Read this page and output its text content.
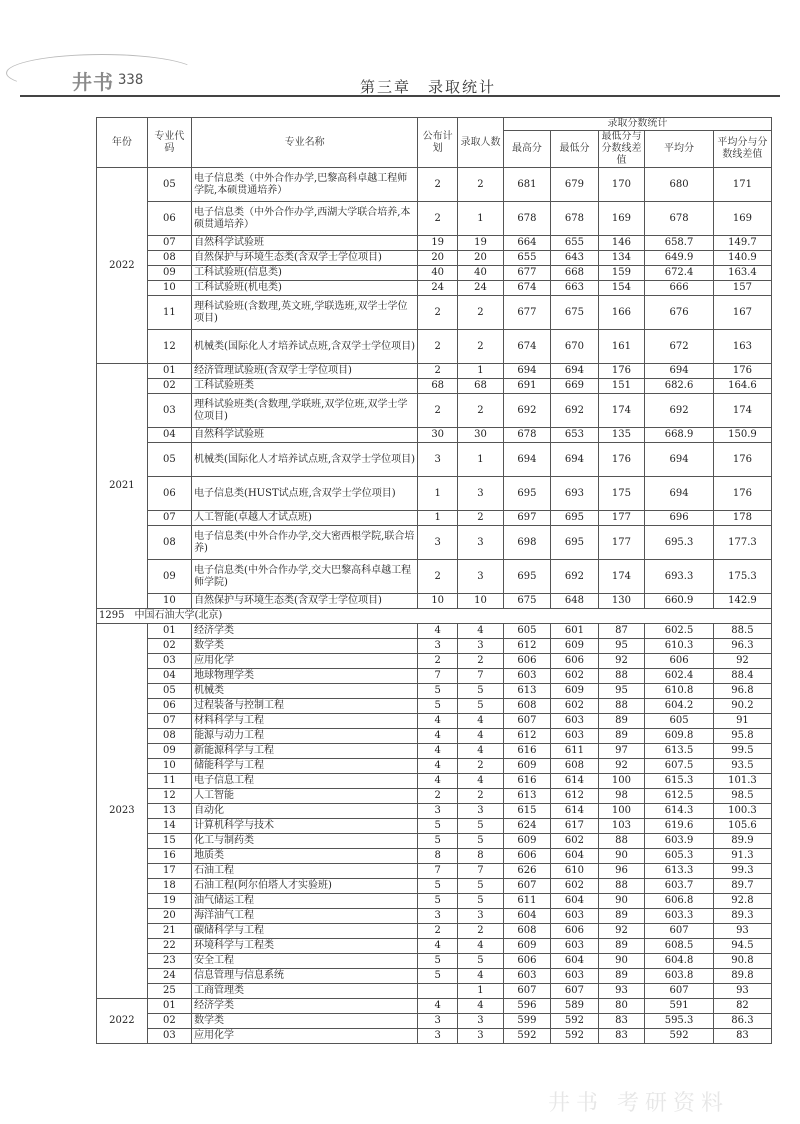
井书 338	第三章　录取统计
年份	专业代码	专业名称	公布计划	录取人数	录取分数统计				
					最高分	最低分	最低分与分数线差值	平均分	平均分与分数线差值
2022	05	电子信息类（中外合作办学,巴黎高科卓越工程师学院,本硕贯通培养）	2	2	681	679	170	680	171
	06	电子信息类（中外合作办学,西湖大学联合培养,本硕贯通培养）	2	1	678	678	169	678	169
	07	自然科学试验班	19	19	664	655	146	658.7	149.7
	08	自然保护与环境生态类(含双学士学位项目)	20	20	655	643	134	649.9	140.9
	09	工科试验班(信息类)	40	40	677	668	159	672.4	163.4
	10	工科试验班(机电类)	24	24	674	663	154	666	157
	11	理科试验班(含数理,英文班,学联选班,双学士学位项目)	2	2	677	675	166	676	167
	12	机械类(国际化人才培养试点班,含双学士学位项目)	2	2	674	670	161	672	163
2021	01	经济管理试验班(含双学士学位项目)	2	1	694	694	176	694	176
	02	工科试验班类	68	68	691	669	151	682.6	164.6
	03	理科试验班类(含数理,学联班,双学位班,双学士学位项目)	2	2	692	692	174	692	174
	04	自然科学试验班	30	30	678	653	135	668.9	150.9
	05	机械类(国际化人才培养试点班,含双学士学位项目)	3	1	694	694	176	694	176
	06	电子信息类(HUST试点班,含双学士学位项目)	1	3	695	693	175	694	176
	07	人工智能(卓越人才试点班)	1	2	697	695	177	696	178
	08	电子信息类(中外合作办学,交大密西根学院,联合培养)	3	3	698	695	177	695.3	177.3
	09	电子信息类(中外合作办学,交大巴黎高科卓越工程师学院)	2	3	695	692	174	693.3	175.3
	10	自然保护与环境生态类(含双学士学位项目)	10	10	675	648	130	660.9	142.9
1295　中国石油大学(北京)									
2023	01	经济学类	4	4	605	601	87	602.5	88.5
	02	数学类	3	3	612	609	95	610.3	96.3
	03	应用化学	2	2	606	606	92	606	92
	04	地球物理学类	7	7	603	602	88	602.4	88.4
	05	机械类	5	5	613	609	95	610.8	96.8
	06	过程装备与控制工程	5	5	608	602	88	604.2	90.2
	07	材料科学与工程	4	4	607	603	89	605	91
	08	能源与动力工程	4	4	612	603	89	609.8	95.8
	09	新能源科学与工程	4	4	616	611	97	613.5	99.5
	10	储能科学与工程	4	2	609	608	92	607.5	93.5
	11	电子信息工程	4	4	616	614	100	615.3	101.3
	12	人工智能	2	2	613	612	98	612.5	98.5
	13	自动化	3	3	615	614	100	614.3	100.3
	14	计算机科学与技术	5	5	624	617	103	619.6	105.6
	15	化工与制药类	5	5	609	602	88	603.9	89.9
	16	地质类	8	8	606	604	90	605.3	91.3
	17	石油工程	7	7	626	610	96	613.3	99.3
	18	石油工程(阿尔伯塔人才实验班)	5	5	607	602	88	603.7	89.7
	19	油气储运工程	5	5	611	604	90	606.8	92.8
	20	海洋油气工程	3	3	604	603	89	603.3	89.3
	21	碳储科学与工程	2	2	608	606	92	607	93
	22	环境科学与工程类	4	4	609	603	89	608.5	94.5
	23	安全工程	5	5	606	604	90	604.8	90.8
	24	信息管理与信息系统	5	4	603	603	89	603.8	89.8
	25	工商管理类		1	607	607	93	607	93
2022	01	经济学类	4	4	596	589	80	591	82
	02	数学类	3	3	599	592	83	595.3	86.3
	03	应用化学	3	3	592	592	83	592	83
井书 考研资料
